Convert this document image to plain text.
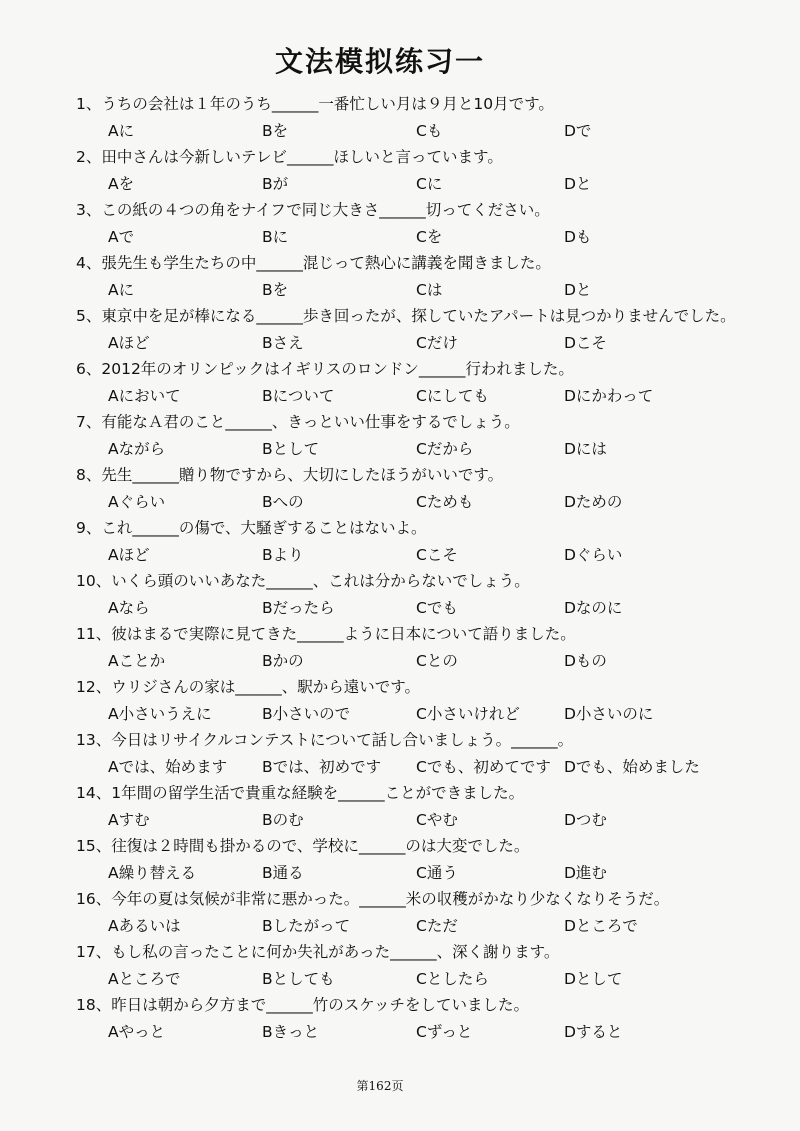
文法模拟练习一
1、うちの会社は１年のうち______一番忙しい月は９月と10月です。
Aに	Bを	Cも	Dで
2、田中さんは今新しいテレビ______ほしいと言っています。
Aを	Bが	Cに	Dと
3、この紙の４つの角をナイフで同じ大きさ______切ってください。
Aで	Bに	Cを	Dも
4、張先生も学生たちの中______混じって熱心に講義を聞きました。
Aに	Bを	Cは	Dと
5、東京中を足が棒になる______歩き回ったが、探していたアパートは見つかりませんでした。
Aほど	Bさえ	Cだけ	Dこそ
6、2012年のオリンピックはイギリスのロンドン______行われました。
Aにおいて	Bについて	Cにしても	Dにかわって
7、有能なＡ君のこと______、きっといい仕事をするでしょう。
Aながら	Bとして	Cだから	Dには
8、先生______贈り物ですから、大切にしたほうがいいです。
Aぐらい	Bへの	Cためも	Dための
9、これ______の傷で、大騒ぎすることはないよ。
Aほど	Bより	Cこそ	Dぐらい
10、いくら頭のいいあなた______、これは分からないでしょう。
Aなら	Bだったら	Cでも	Dなのに
11、彼はまるで実際に見てきた______ように日本について語りました。
Aことか	Bかの	Cとの	Dもの
12、ウリジさんの家は______、駅から遠いです。
A小さいうえに	B小さいので	C小さいけれど	D小さいのに
13、今日はリサイクルコンテストについて話し合いましょう。______。
Aでは、始めます Bでは、初めです Cでも、初めてです Dでも、始めました
14、1年間の留学生活で貴重な経験を______ことができました。
Aすむ	Bのむ	Cやむ	Dつむ
15、往復は２時間も掛かるので、学校に______のは大変でした。
A繰り替える	B通る	C通う	D進む
16、今年の夏は気候が非常に悪かった。______米の収穫がかなり少なくなりそうだ。
Aあるいは	Bしたがって	Cただ	Dところで
17、もし私の言ったことに何か失礼があった______、深く謝ります。
Aところで	Bとしても	Cとしたら	Dとして
18、昨日は朝から夕方まで______竹のスケッチをしていました。
Aやっと	Bきっと	Cずっと	Dすると
第162页
